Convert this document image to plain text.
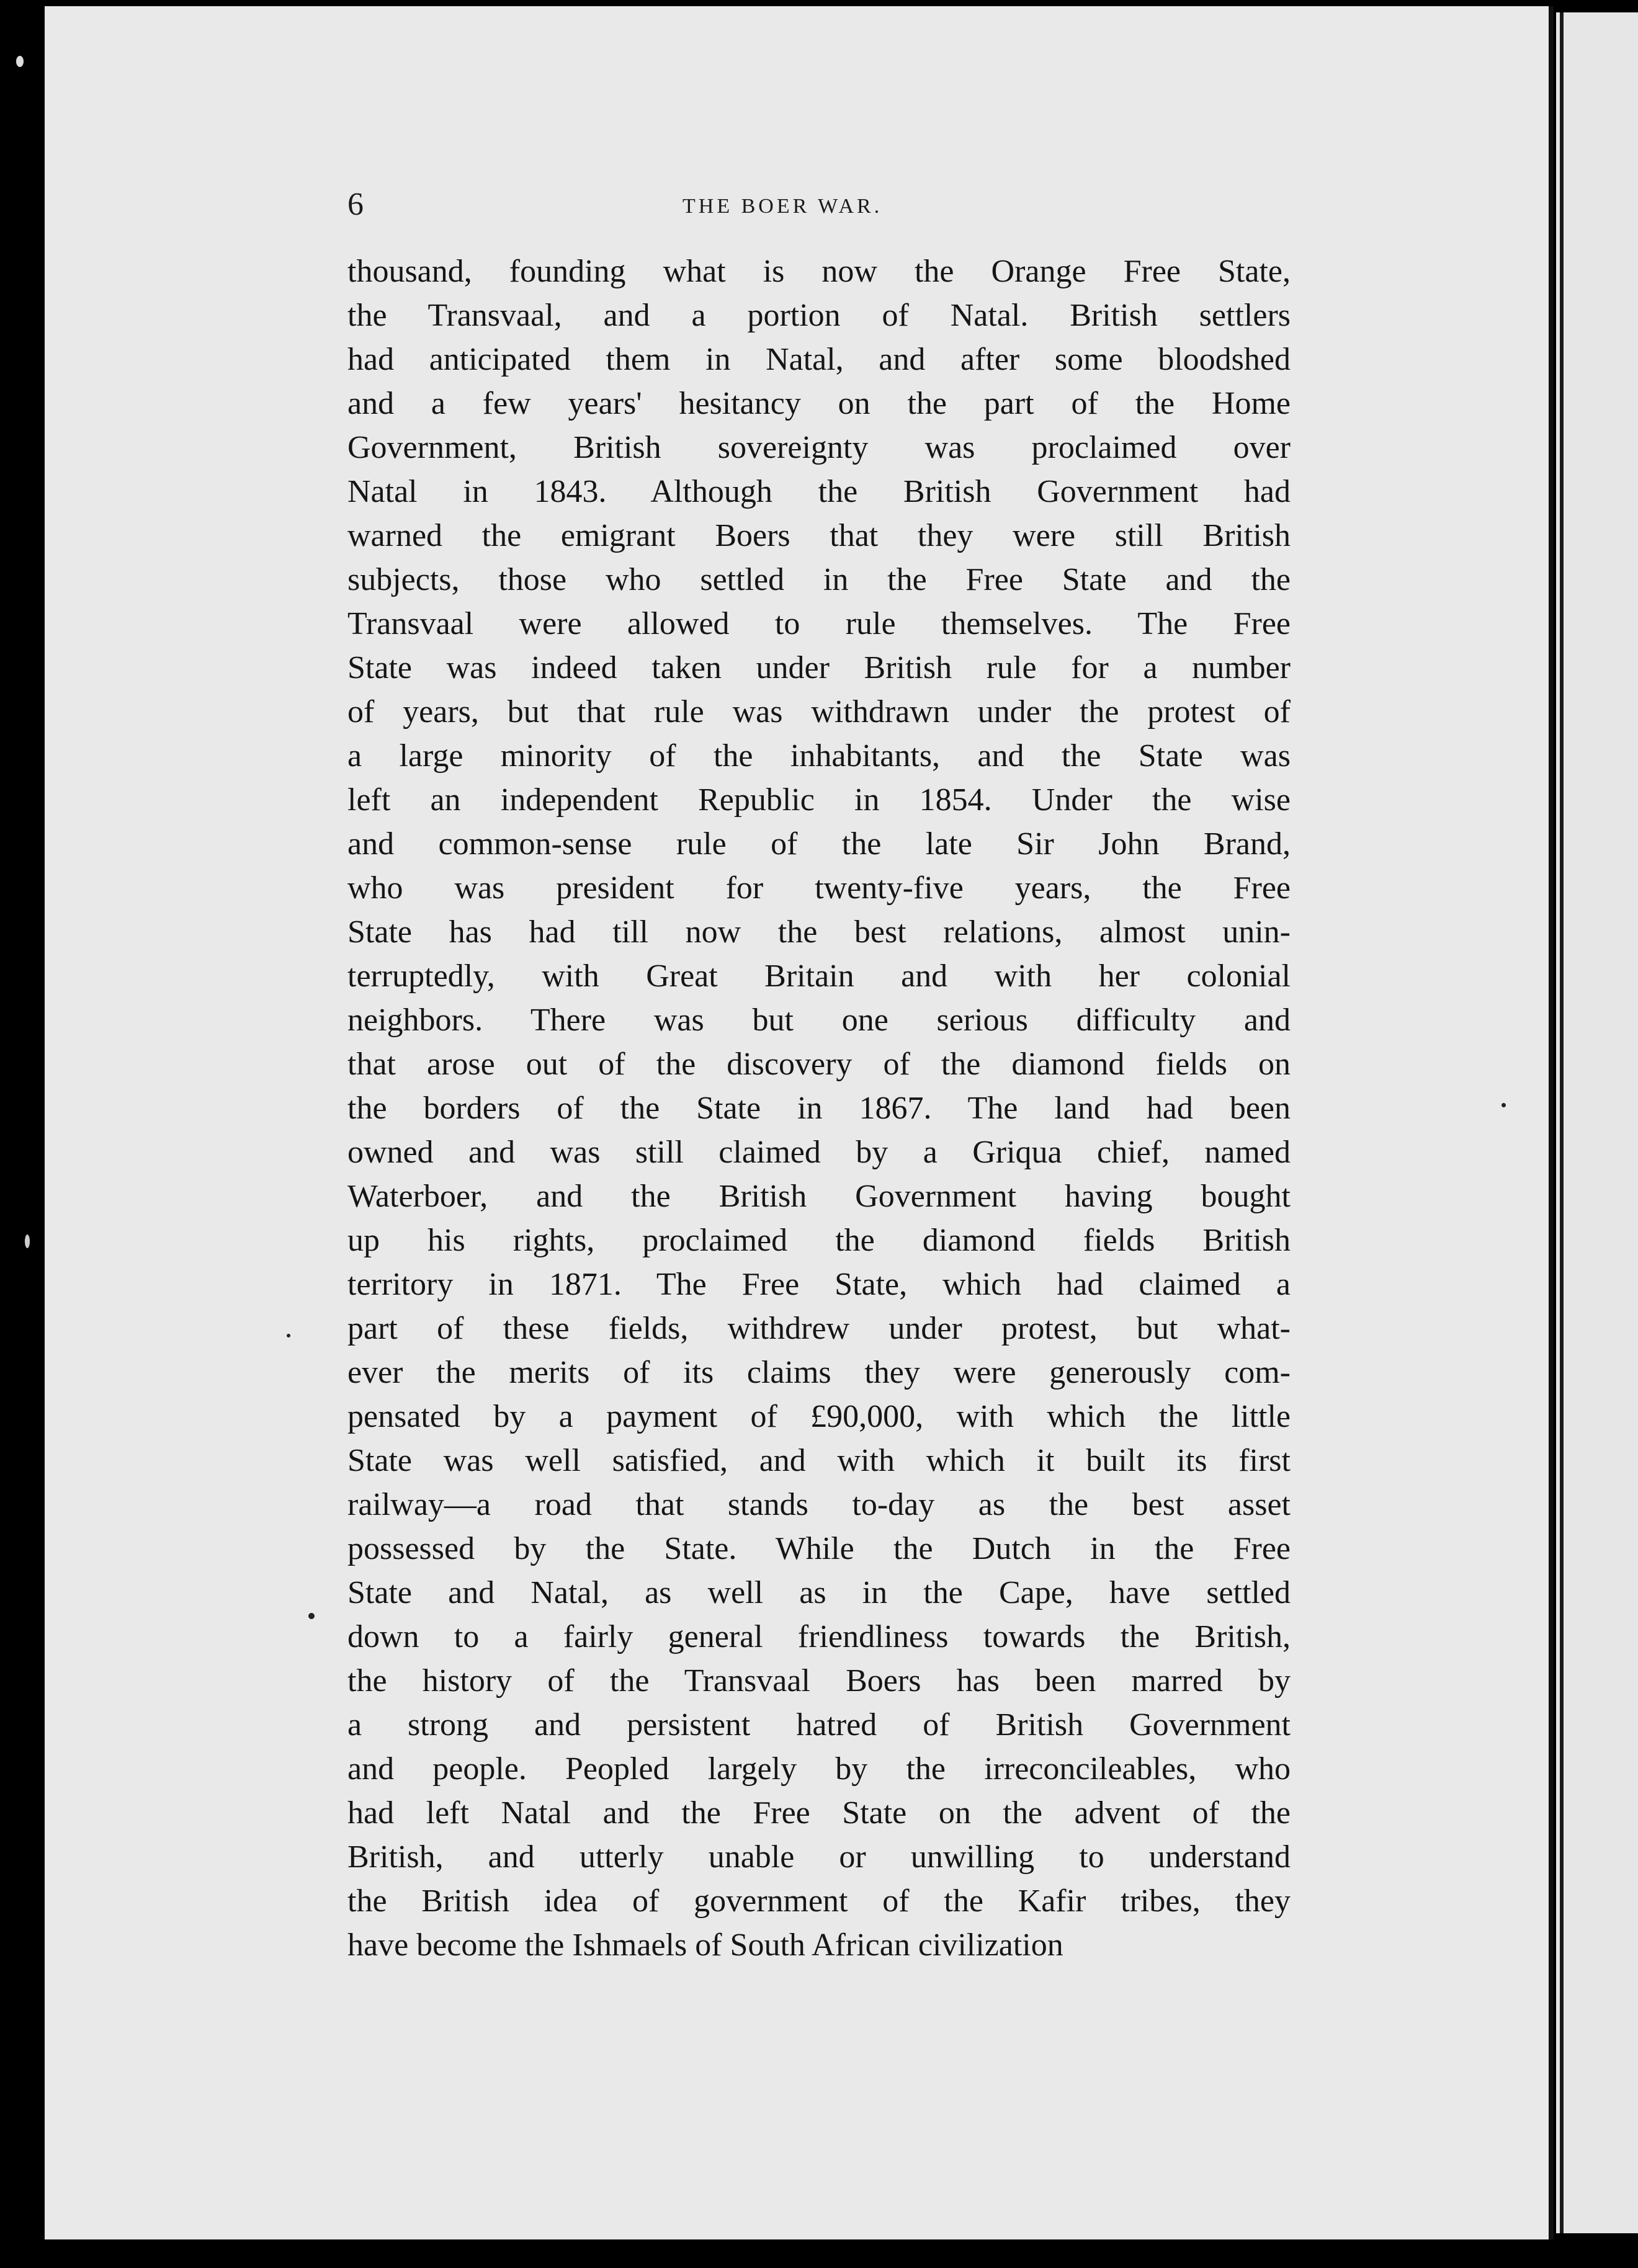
6	THE BOER WAR.
thousand, founding what is now the Orange Free State,
the Transvaal, and a portion of Natal. British settlers
had anticipated them in Natal, and after some bloodshed
and a few years' hesitancy on the part of the Home
Government, British sovereignty was proclaimed over
Natal in 1843. Although the British Government had
warned the emigrant Boers that they were still British
subjects, those who settled in the Free State and the
Transvaal were allowed to rule themselves. The Free
State was indeed taken under British rule for a number
of years, but that rule was withdrawn under the protest of
a large minority of the inhabitants, and the State was
left an independent Republic in 1854. Under the wise
and common-sense rule of the late Sir John Brand,
who was president for twenty-five years, the Free
State has had till now the best relations, almost unin-
terruptedly, with Great Britain and with her colonial
neighbors. There was but one serious difficulty and
that arose out of the discovery of the diamond fields on
the borders of the State in 1867. The land had been
owned and was still claimed by a Griqua chief, named
Waterboer, and the British Government having bought
up his rights, proclaimed the diamond fields British
territory in 1871. The Free State, which had claimed a
part of these fields, withdrew under protest, but what-
ever the merits of its claims they were generously com-
pensated by a payment of £90,000, with which the little
State was well satisfied, and with which it built its first
railway—a road that stands to-day as the best asset
possessed by the State. While the Dutch in the Free
State and Natal, as well as in the Cape, have settled
down to a fairly general friendliness towards the British,
the history of the Transvaal Boers has been marred by
a strong and persistent hatred of British Government
and people. Peopled largely by the irreconcileables, who
had left Natal and the Free State on the advent of the
British, and utterly unable or unwilling to understand
the British idea of government of the Kafir tribes, they
have become the Ishmaels of South African civilization
